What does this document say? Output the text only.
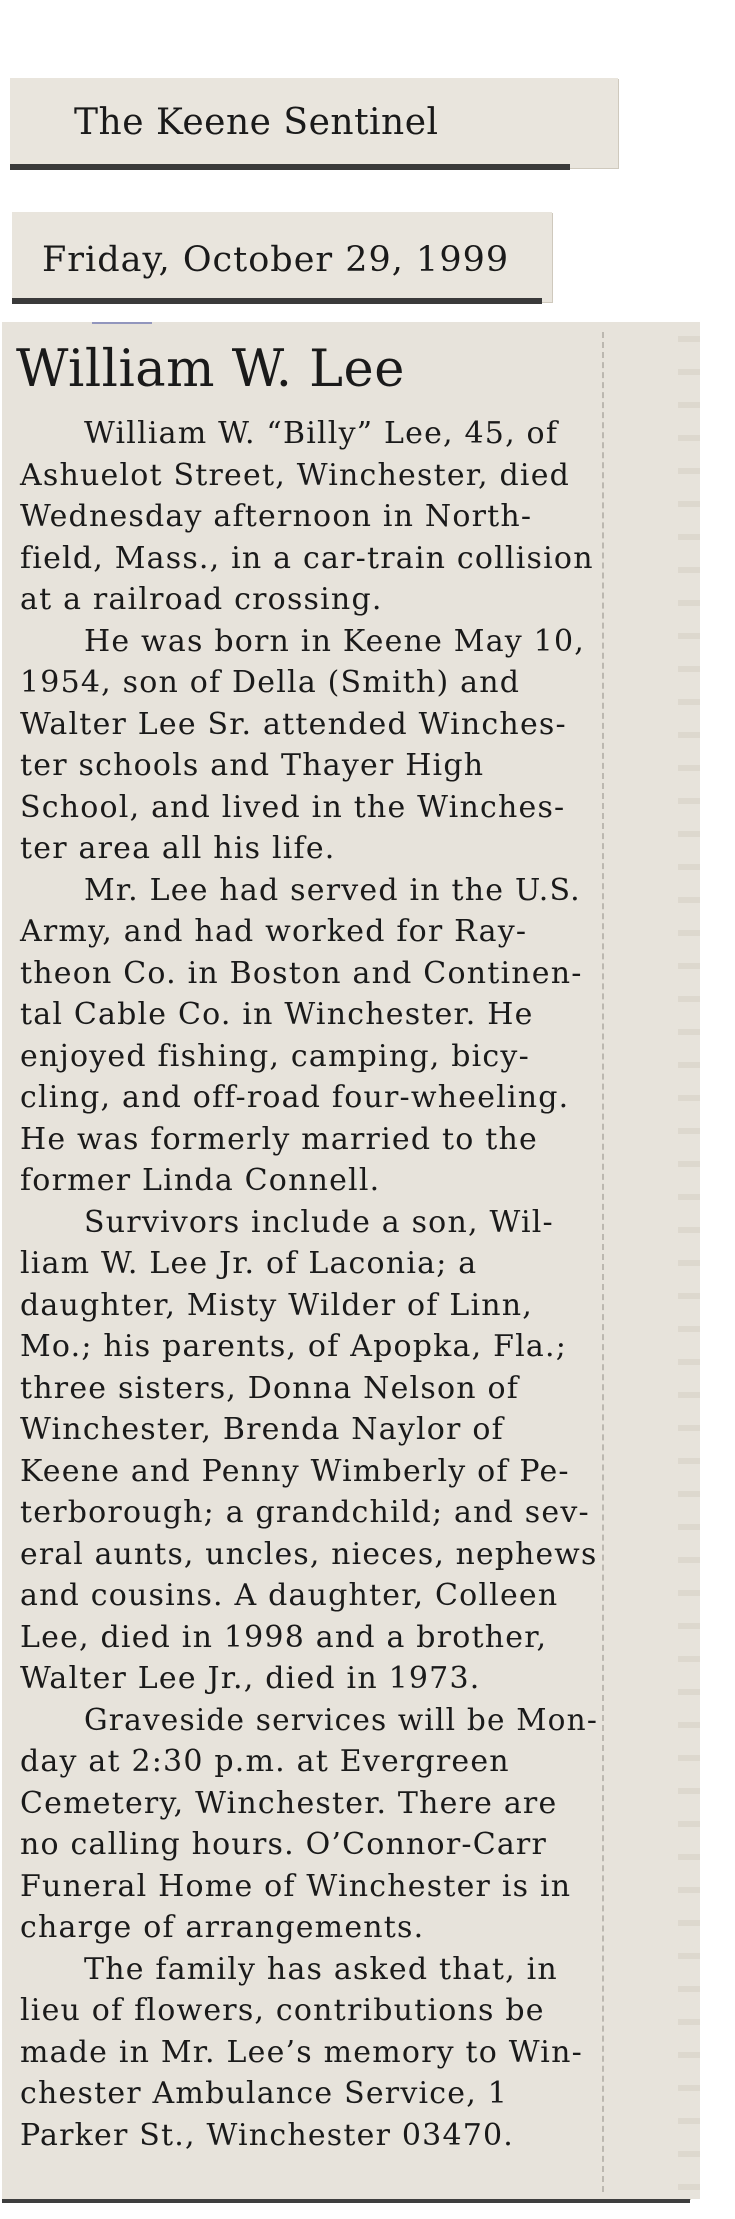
The Keene Sentinel
Friday, October 29, 1999
William W. Lee
William W. “Billy” Lee, 45, of
Ashuelot Street, Winchester, died
Wednesday afternoon in North-
field, Mass., in a car-train collision
at a railroad crossing.
He was born in Keene May 10,
1954, son of Della (Smith) and
Walter Lee Sr. attended Winches-
ter schools and Thayer High
School, and lived in the Winches-
ter area all his life.
Mr. Lee had served in the U.S.
Army, and had worked for Ray-
theon Co. in Boston and Continen-
tal Cable Co. in Winchester. He
enjoyed fishing, camping, bicy-
cling, and off-road four-wheeling.
He was formerly married to the
former Linda Connell.
Survivors include a son, Wil-
liam W. Lee Jr. of Laconia; a
daughter, Misty Wilder of Linn,
Mo.; his parents, of Apopka, Fla.;
three sisters, Donna Nelson of
Winchester, Brenda Naylor of
Keene and Penny Wimberly of Pe-
terborough; a grandchild; and sev-
eral aunts, uncles, nieces, nephews
and cousins. A daughter, Colleen
Lee, died in 1998 and a brother,
Walter Lee Jr., died in 1973.
Graveside services will be Mon-
day at 2:30 p.m. at Evergreen
Cemetery, Winchester. There are
no calling hours. O’Connor-Carr
Funeral Home of Winchester is in
charge of arrangements.
The family has asked that, in
lieu of flowers, contributions be
made in Mr. Lee’s memory to Win-
chester Ambulance Service, 1
Parker St., Winchester 03470.
